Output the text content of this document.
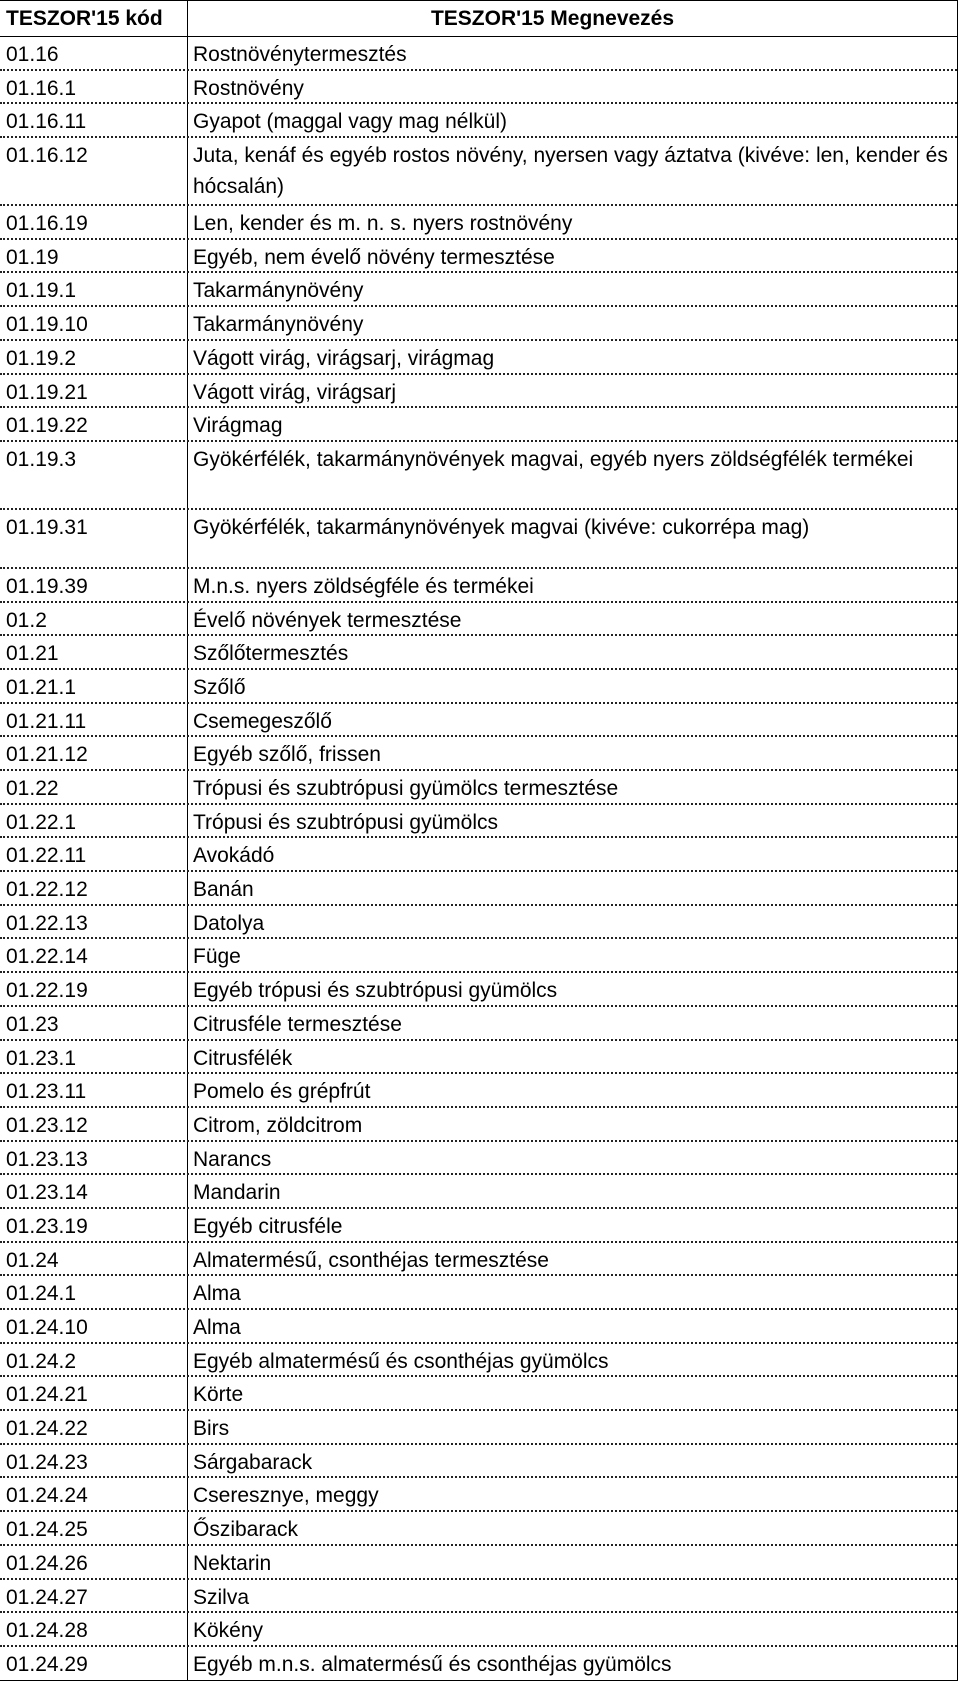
TESZOR'15 kód	TESZOR'15 Megnevezés
01.16	Rostnövénytermesztés
01.16.1	Rostnövény
01.16.11	Gyapot (maggal vagy mag nélkül)
01.16.12	Juta, kenáf és egyéb rostos növény, nyersen vagy áztatva (kivéve: len, kender és hócsalán)
01.16.19	Len, kender és m. n. s. nyers rostnövény
01.19	Egyéb, nem évelő növény termesztése
01.19.1	Takarmánynövény
01.19.10	Takarmánynövény
01.19.2	Vágott virág, virágsarj, virágmag
01.19.21	Vágott virág, virágsarj
01.19.22	Virágmag
01.19.3	Gyökérfélék, takarmánynövények magvai, egyéb nyers zöldségfélék termékei
01.19.31	Gyökérfélék, takarmánynövények magvai (kivéve: cukorrépa mag)
01.19.39	M.n.s. nyers zöldségféle és termékei
01.2	Évelő növények termesztése
01.21	Szőlőtermesztés
01.21.1	Szőlő
01.21.11	Csemegeszőlő
01.21.12	Egyéb szőlő, frissen
01.22	Trópusi és szubtrópusi gyümölcs termesztése
01.22.1	Trópusi és szubtrópusi gyümölcs
01.22.11	Avokádó
01.22.12	Banán
01.22.13	Datolya
01.22.14	Füge
01.22.19	Egyéb trópusi és szubtrópusi gyümölcs
01.23	Citrusféle termesztése
01.23.1	Citrusfélék
01.23.11	Pomelo és grépfrút
01.23.12	Citrom, zöldcitrom
01.23.13	Narancs
01.23.14	Mandarin
01.23.19	Egyéb citrusféle
01.24	Almatermésű, csonthéjas termesztése
01.24.1	Alma
01.24.10	Alma
01.24.2	Egyéb almatermésű és csonthéjas gyümölcs
01.24.21	Körte
01.24.22	Birs
01.24.23	Sárgabarack
01.24.24	Cseresznye, meggy
01.24.25	Őszibarack
01.24.26	Nektarin
01.24.27	Szilva
01.24.28	Kökény
01.24.29	Egyéb m.n.s. almatermésű és csonthéjas gyümölcs
